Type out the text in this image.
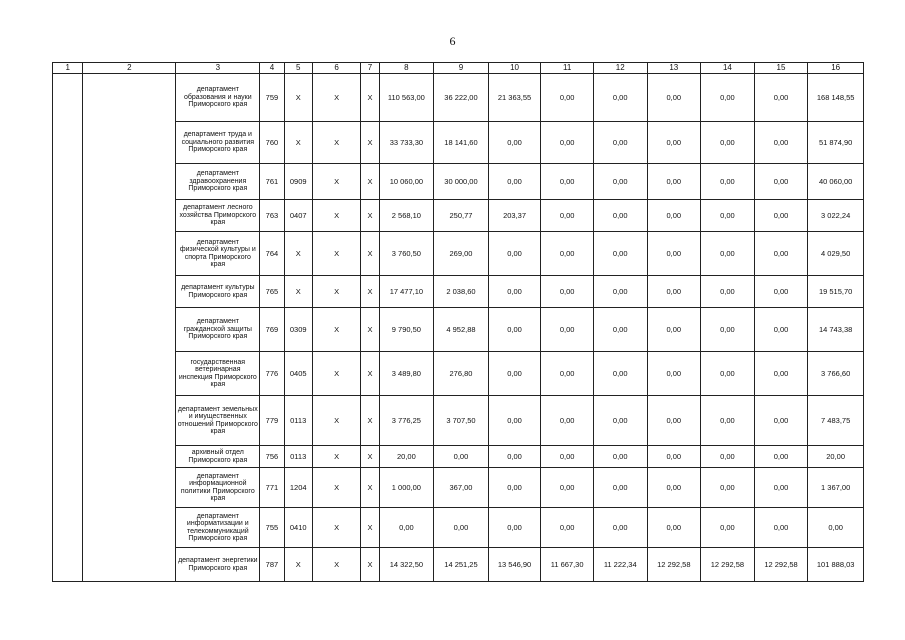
6
1	2	3	4	5	6	7	8	9	10	11	12	13	14	15	16
		департамент образования и науки Приморского края	759	X	X	X	110 563,00	36 222,00	21 363,55	0,00	0,00	0,00	0,00	0,00	168 148,55
		департамент труда и социального развития Приморского края	760	X	X	X	33 733,30	18 141,60	0,00	0,00	0,00	0,00	0,00	0,00	51 874,90
		департамент здравоохранения Приморского края	761	0909	X	X	10 060,00	30 000,00	0,00	0,00	0,00	0,00	0,00	0,00	40 060,00
		департамент лесного хозяйства Приморского края	763	0407	X	X	2 568,10	250,77	203,37	0,00	0,00	0,00	0,00	0,00	3 022,24
		департамент физической культуры и спорта Приморского края	764	X	X	X	3 760,50	269,00	0,00	0,00	0,00	0,00	0,00	0,00	4 029,50
		департамент культуры Приморского края	765	X	X	X	17 477,10	2 038,60	0,00	0,00	0,00	0,00	0,00	0,00	19 515,70
		департамент гражданской защиты Приморского края	769	0309	X	X	9 790,50	4 952,88	0,00	0,00	0,00	0,00	0,00	0,00	14 743,38
		государственная ветеринарная инспекция Приморского края	776	0405	X	X	3 489,80	276,80	0,00	0,00	0,00	0,00	0,00	0,00	3 766,60
		департамент земельных и имущественных отношений Приморского края	779	0113	X	X	3 776,25	3 707,50	0,00	0,00	0,00	0,00	0,00	0,00	7 483,75
		архивный отдел Приморского края	756	0113	X	X	20,00	0,00	0,00	0,00	0,00	0,00	0,00	0,00	20,00
		департамент информационной политики Приморского края	771	1204	X	X	1 000,00	367,00	0,00	0,00	0,00	0,00	0,00	0,00	1 367,00
		департамент информатизации и телекоммуникаций Приморского края	755	0410	X	X	0,00	0,00	0,00	0,00	0,00	0,00	0,00	0,00	0,00
		департамент энергетики Приморского края	787	X	X	X	14 322,50	14 251,25	13 546,90	11 667,30	11 222,34	12 292,58	12 292,58	12 292,58	101 888,03
